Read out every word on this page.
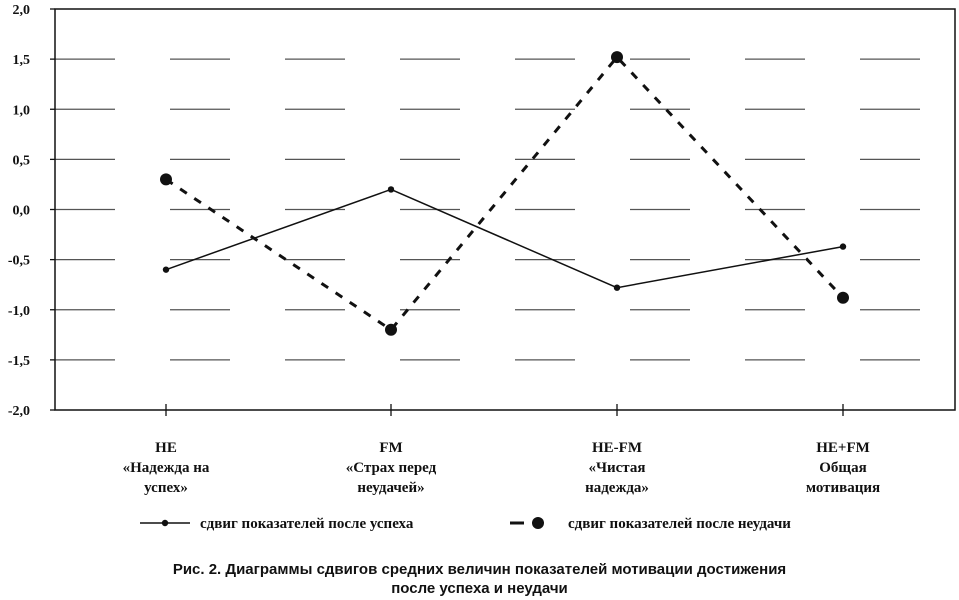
2,0
1,5
1,0
0,5
0,0
-0,5
-1,0
-1,5
-2,0
HE «Надежда на успех»
FM «Страх перед неудачей»
HE-FM «Чистая надежда»
HE+FM Общая мотивация
сдвиг показателей после успеха	сдвиг показателей после неудачи
Рис. 2. Диаграммы сдвигов средних величин показателей мотивации достижения
после успеха и неудачи
